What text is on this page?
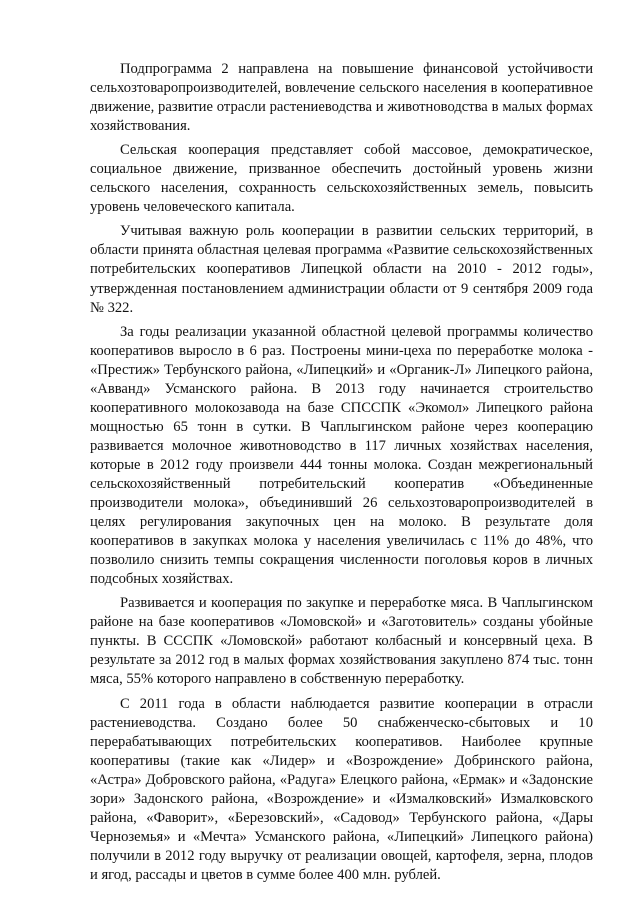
Подпрограмма 2 направлена на повышение финансовой устойчивости сельхозтоваропроизводителей, вовлечение сельского населения в кооперативное движение, развитие отрасли растениеводства и животноводства в малых формах хозяйствования.

Сельская кооперация представляет собой массовое, демократическое, социальное движение, призванное обеспечить достойный уровень жизни сельского населения, сохранность сельскохозяйственных земель, повысить уровень человеческого капитала.

Учитывая важную роль кооперации в развитии сельских территорий, в области принята областная целевая программа «Развитие сельскохозяйственных потребительских кооперативов Липецкой области на 2010 - 2012 годы», утвержденная постановлением администрации области от 9 сентября 2009 года № 322.

За годы реализации указанной областной целевой программы количество кооперативов выросло в 6 раз. Построены мини-цеха по переработке молока - «Престиж» Тербунского района, «Липецкий» и «Органик-Л» Липецкого района, «Авванд» Усманского района. В 2013 году начинается строительство кооперативного молокозавода на базе СПССПК «Экомол» Липецкого района мощностью 65 тонн в сутки. В Чаплыгинском районе через кооперацию развивается молочное животноводство в 117 личных хозяйствах населения, которые в 2012 году произвели 444 тонны молока. Создан межрегиональный сельскохозяйственный потребительский кооператив «Объединенные производители молока», объединивший 26 сельхозтоваропроизводителей в целях регулирования закупочных цен на молоко. В результате доля кооперативов в закупках молока у населения увеличилась с 11% до 48%, что позволило снизить темпы сокращения численности поголовья коров в личных подсобных хозяйствах.

Развивается и кооперация по закупке и переработке мяса. В Чаплыгинском районе на базе кооперативов «Ломовской» и «Заготовитель» созданы убойные пункты. В СССПК «Ломовской» работают колбасный и консервный цеха. В результате за 2012 год в малых формах хозяйствования закуплено 874 тыс. тонн мяса, 55% которого направлено в собственную переработку.

С 2011 года в области наблюдается развитие кооперации в отрасли растениеводства. Создано более 50 снабженческо-сбытовых и 10 перерабатывающих потребительских кооперативов. Наиболее крупные кооперативы (такие как «Лидер» и «Возрождение» Добринского района, «Астра» Добровского района, «Радуга» Елецкого района, «Ермак» и «Задонские зори» Задонского района, «Возрождение» и «Измалковский» Измалковского района, «Фаворит», «Березовский», «Садовод» Тербунского района, «Дары Черноземья» и «Мечта» Усманского района, «Липецкий» Липецкого района) получили в 2012 году выручку от реализации овощей, картофеля, зерна, плодов и ягод, рассады и цветов в сумме более 400 млн. рублей.
